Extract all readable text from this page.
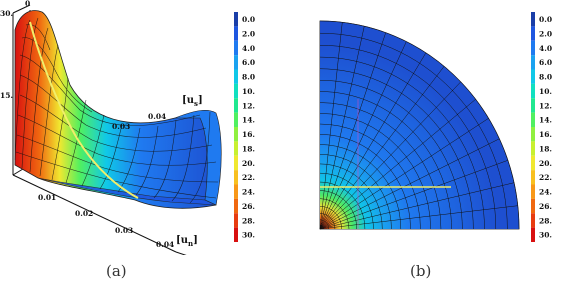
0
30.
15.
0.01
0.02
0.03
0.04
0.03
0.04
$[u_s]$
$[u_n]$
0.0
2.0
4.0
6.0
8.0
10.
12.
14.
16.
18.
20.
22.
24.
26.
28.
30.
0.0
2.0
4.0
6.0
8.0
10.
12.
14.
16.
18.
20.
22.
24.
26.
28.
30.
(a)	(b)
